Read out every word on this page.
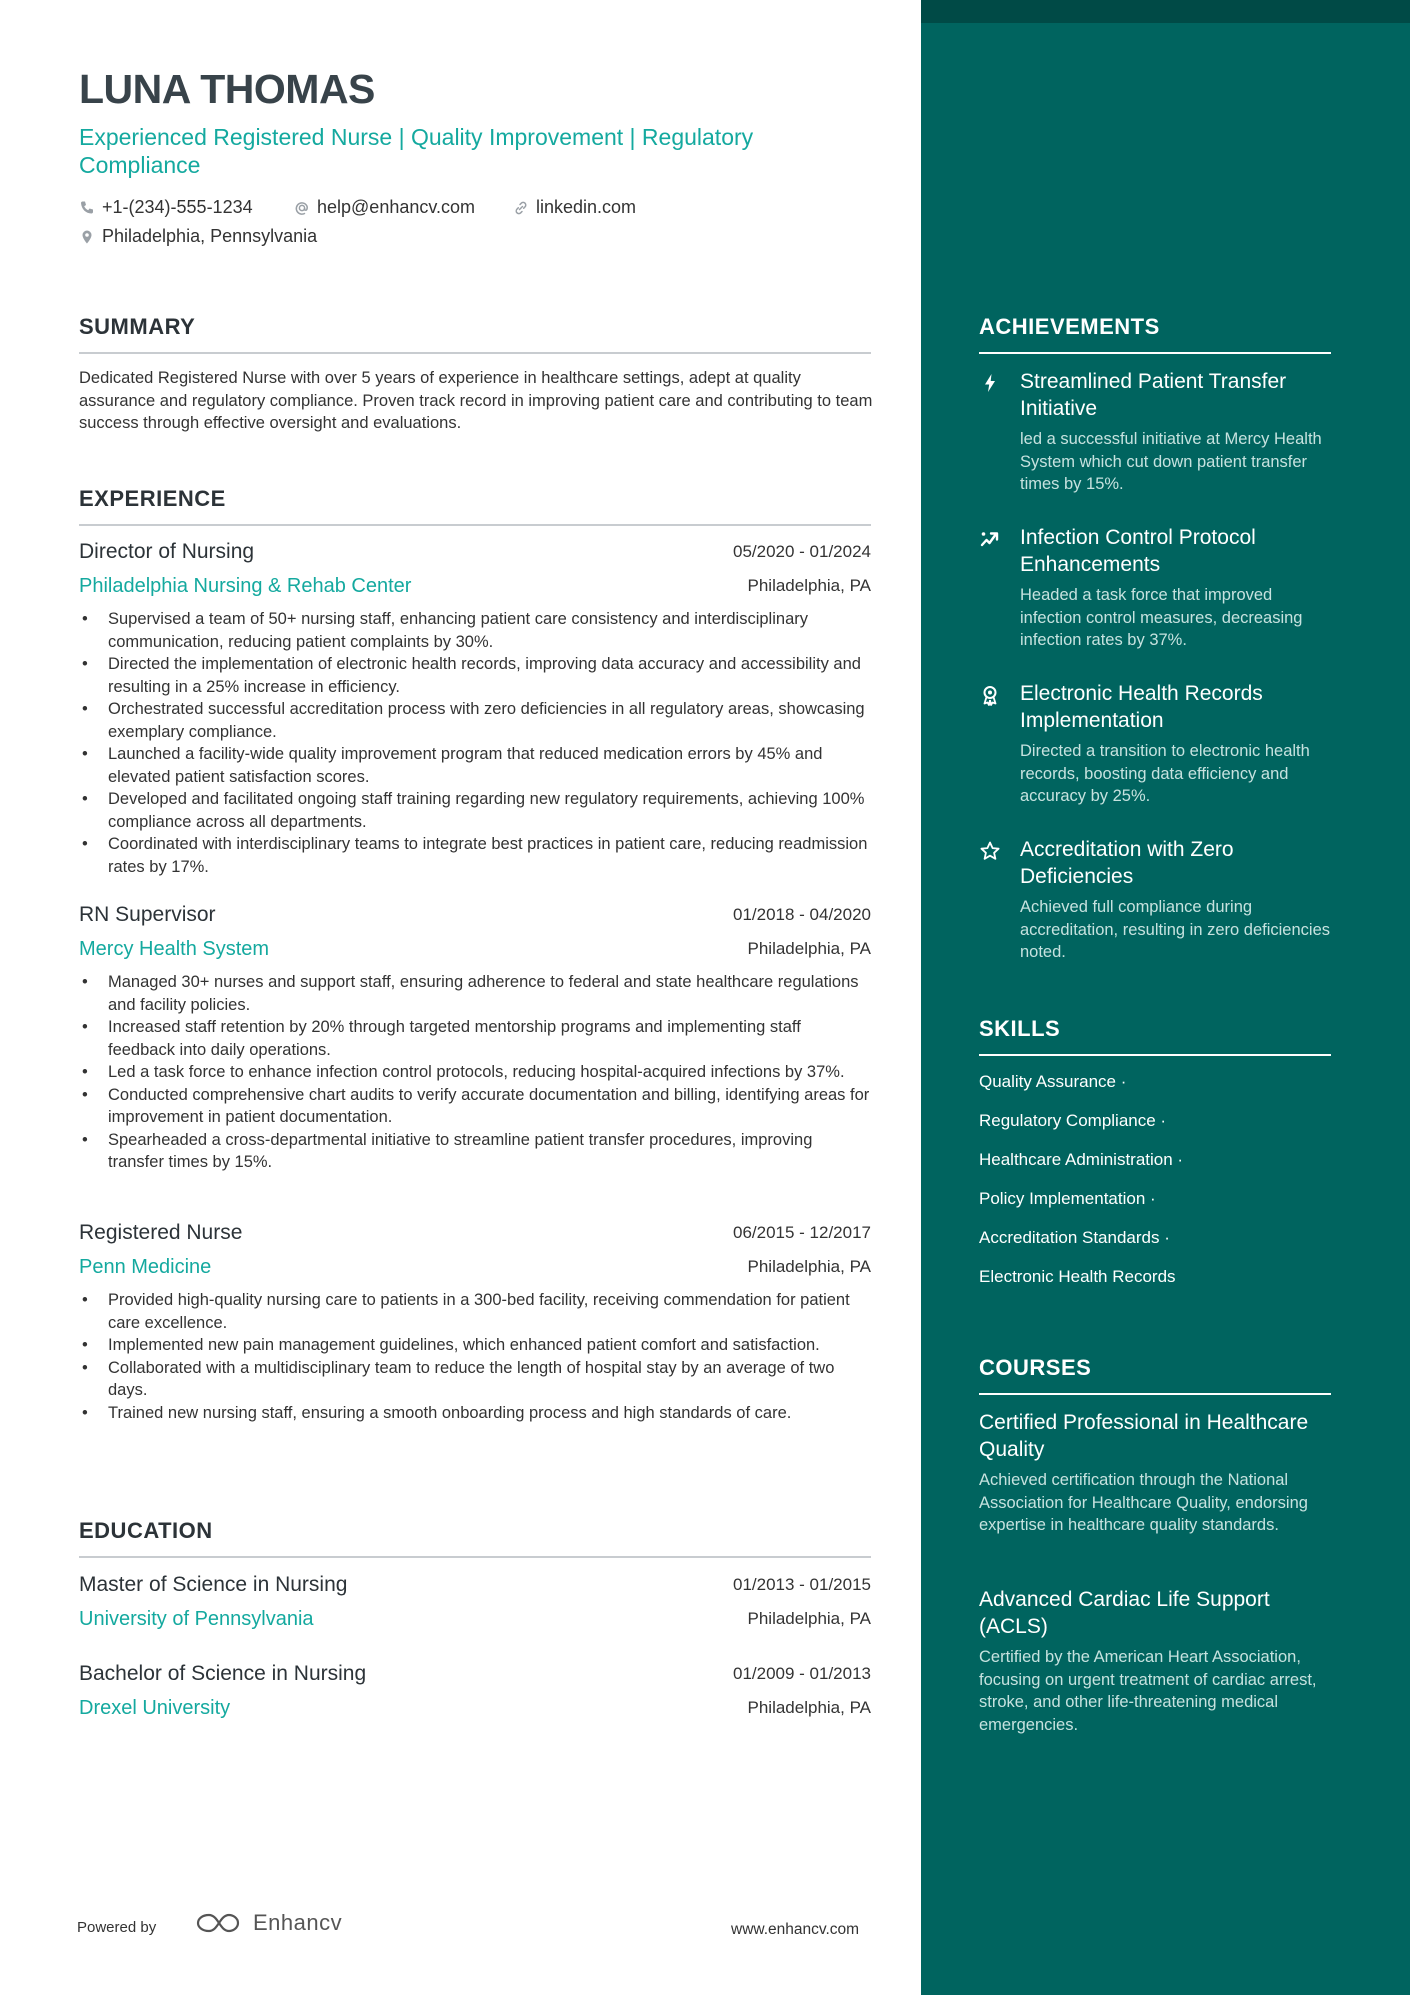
LUNA THOMAS

Experienced Registered Nurse | Quality Improvement | Regulatory Compliance

+1-(234)-555-1234	help@enhancv.com	linkedin.com
Philadelphia, Pennsylvania
SUMMARY

Dedicated Registered Nurse with over 5 years of experience in healthcare settings, adept at quality assurance and regulatory compliance. Proven track record in improving patient care and contributing to team success through effective oversight and evaluations.

EXPERIENCE
Director of Nursing	05/2020 - 01/2024
Philadelphia Nursing & Rehab Center	Philadelphia, PA
• Supervised a team of 50+ nursing staff, enhancing patient care consistency and interdisciplinary communication, reducing patient complaints by 30%.
• Directed the implementation of electronic health records, improving data accuracy and accessibility and resulting in a 25% increase in efficiency.
• Orchestrated successful accreditation process with zero deficiencies in all regulatory areas, showcasing exemplary compliance.
• Launched a facility-wide quality improvement program that reduced medication errors by 45% and elevated patient satisfaction scores.
• Developed and facilitated ongoing staff training regarding new regulatory requirements, achieving 100% compliance across all departments.
• Coordinated with interdisciplinary teams to integrate best practices in patient care, reducing readmission rates by 17%.
RN Supervisor	01/2018 - 04/2020
Mercy Health System	Philadelphia, PA
• Managed 30+ nurses and support staff, ensuring adherence to federal and state healthcare regulations and facility policies.
• Increased staff retention by 20% through targeted mentorship programs and implementing staff feedback into daily operations.
• Led a task force to enhance infection control protocols, reducing hospital-acquired infections by 37%.
• Conducted comprehensive chart audits to verify accurate documentation and billing, identifying areas for improvement in patient documentation.
• Spearheaded a cross-departmental initiative to streamline patient transfer procedures, improving transfer times by 15%.
Registered Nurse	06/2015 - 12/2017
Penn Medicine	Philadelphia, PA
• Provided high-quality nursing care to patients in a 300-bed facility, receiving commendation for patient care excellence.
• Implemented new pain management guidelines, which enhanced patient comfort and satisfaction.
• Collaborated with a multidisciplinary team to reduce the length of hospital stay by an average of two days.
• Trained new nursing staff, ensuring a smooth onboarding process and high standards of care.
EDUCATION
Master of Science in Nursing	01/2013 - 01/2015
University of Pennsylvania	Philadelphia, PA
Bachelor of Science in Nursing	01/2009 - 01/2013
Drexel University	Philadelphia, PA
Powered by	Enhancv	www.enhancv.com
ACHIEVEMENTS

Streamlined Patient Transfer Initiative

led a successful initiative at Mercy Health System which cut down patient transfer times by 15%.

Infection Control Protocol Enhancements

Headed a task force that improved infection control measures, decreasing infection rates by 37%.

Electronic Health Records Implementation

Directed a transition to electronic health records, boosting data efficiency and accuracy by 25%.

Accreditation with Zero Deficiencies

Achieved full compliance during accreditation, resulting in zero deficiencies noted.

SKILLS
Quality Assurance ·
Regulatory Compliance ·
Healthcare Administration ·
Policy Implementation ·
Accreditation Standards ·
Electronic Health Records
COURSES

Certified Professional in Healthcare Quality

Achieved certification through the National Association for Healthcare Quality, endorsing expertise in healthcare quality standards.

Advanced Cardiac Life Support (ACLS)

Certified by the American Heart Association, focusing on urgent treatment of cardiac arrest, stroke, and other life-threatening medical emergencies.
